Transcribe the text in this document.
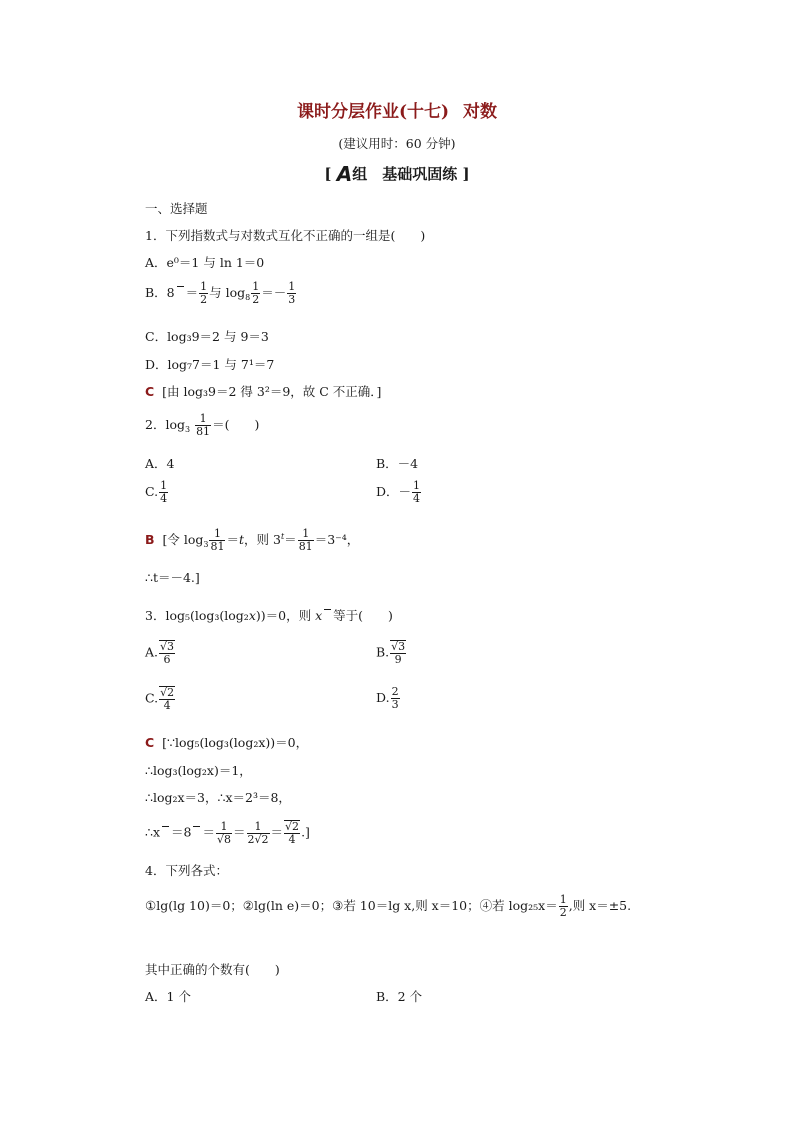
课时分层作业(十七) 对数
(建议用时：60 分钟)
[ A组　基础巩固练 ]
一、选择题
1．下列指数式与对数式互化不正确的一组是(　　)
A．e⁰＝1 与 ln 1＝0
B．$8 = \frac{1}{2}$ 与 $\log_8 \frac{1}{2} =- \frac{1}{3}$
C．log₃9＝2 与 9＝3
D．log₇7＝1 与 7¹＝7
C [由 log₃9＝2 得 3²＝9，故 C 不正确．]
2．$\log_3 \frac{1}{81}$ ＝(　　)
A．4	B．－4
C. $\frac{1}{4}$	D．－ $\frac{1}{4}$
B [令 $\log_3 \frac{1}{81} =t$，则 $3^t= \frac{1}{81} =3^{-4}$，
∴t＝－4.]
3．log₅(log₃(log₂x))＝0，则 x 等于(　　)
A. $\frac{√3}{6}$	B. $\frac{√3}{9}$
C. $\frac{√2}{4}$	D. $\frac{2}{3}$
C [∵log₅(log₃(log₂x))＝0，
∴log₃(log₂x)＝1，
∴log₂x＝3，∴x＝2³＝8，
∴x $=8 = \frac{1}{√8} = \frac{1}{2√2} = \frac{√2}{4}$ .]
4．下列各式：
①lg(lg 10)＝0；②lg(ln e)＝0；③若 10＝lg x,则 x＝10；④若 $\log_{25}x= \frac{1}{2}$ ,则 x＝±5.
其中正确的个数有(　　)
A．1 个	B．2 个
